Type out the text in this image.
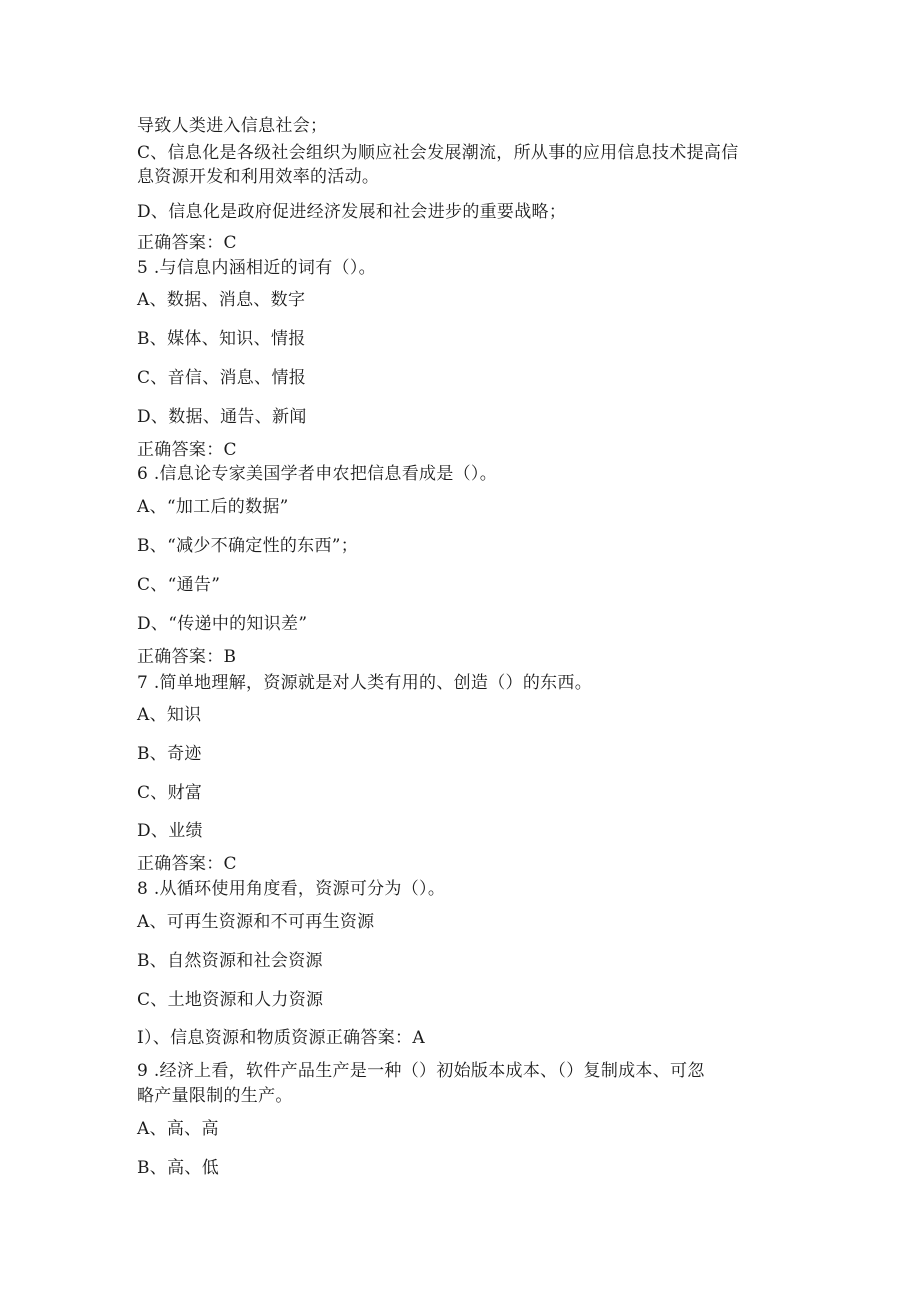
导致人类进入信息社会；
C、信息化是各级社会组织为顺应社会发展潮流，所从事的应用信息技术提高信
息资源开发和利用效率的活动。
D、信息化是政府促进经济发展和社会进步的重要战略；
正确答案：C
5 .与信息内涵相近的词有（）。
A、数据、消息、数字
B、媒体、知识、情报
C、音信、消息、情报
D、数据、通告、新闻
正确答案：C
6 .信息论专家美国学者申农把信息看成是（）。
A、“加工后的数据”
B、“减少不确定性的东西”；
C、“通告”
D、“传递中的知识差”
正确答案：B
7 .简单地理解，资源就是对人类有用的、创造（）的东西。
A、知识
B、奇迹
C、财富
D、业绩
正确答案：C
8 .从循环使用角度看，资源可分为（）。
A、可再生资源和不可再生资源
B、自然资源和社会资源
C、土地资源和人力资源
I）、信息资源和物质资源正确答案：A
9 .经济上看，软件产品生产是一种（）初始版本成本、（）复制成本、可忽
略产量限制的生产。
A、高、高
B、高、低
